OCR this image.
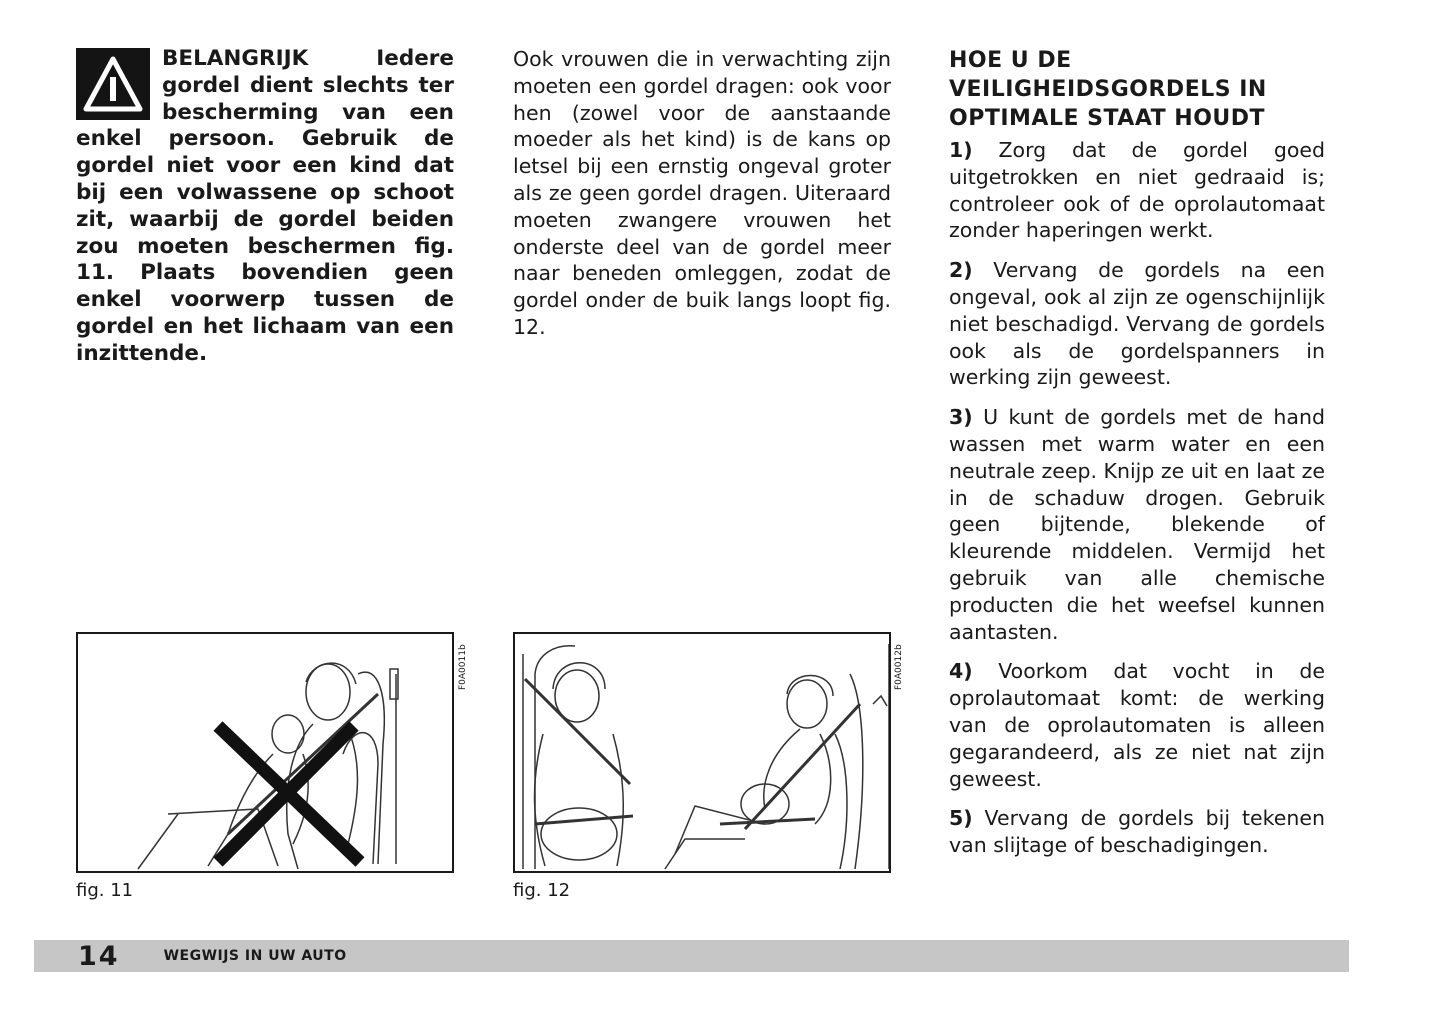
BELANGRIJK Iedere gordel dient slechts ter bescherming van een enkel persoon. Gebruik de gordel niet voor een kind dat bij een volwassene op schoot zit, waarbij de gordel beiden zou moeten beschermen fig. 11. Plaats bovendien geen enkel voorwerp tussen de gordel en het lichaam van een inzittende.

Ook vrouwen die in verwachting zijn moeten een gordel dragen: ook voor hen (zowel voor de aanstaande moeder als het kind) is de kans op letsel bij een ernstig ongeval groter als ze geen gordel dragen. Uiteraard moeten zwangere vrouwen het onderste deel van de gordel meer naar beneden omleggen, zodat de gordel onder de buik langs loopt fig. 12.

HOE U DE VEILIGHEIDSGORDELS IN OPTIMALE STAAT HOUDT

1) Zorg dat de gordel goed uitgetrokken en niet gedraaid is; controleer ook of de oprolautomaat zonder haperingen werkt.

2) Vervang de gordels na een ongeval, ook al zijn ze ogenschijnlijk niet beschadigd. Vervang de gordels ook als de gordelspanners in werking zijn geweest.

3) U kunt de gordels met de hand wassen met warm water en een neutrale zeep. Knijp ze uit en laat ze in de schaduw drogen. Gebruik geen bijtende, blekende of kleurende middelen. Vermijd het gebruik van alle chemische producten die het weefsel kunnen aantasten.

4) Voorkom dat vocht in de oprolautomaat komt: de werking van de oprolautomaten is alleen gegarandeerd, als ze niet nat zijn geweest.

5) Vervang de gordels bij tekenen van slijtage of beschadigingen.

F0A0011b
fig. 11
F0A0012b
fig. 12
14	WEGWIJS IN UW AUTO
